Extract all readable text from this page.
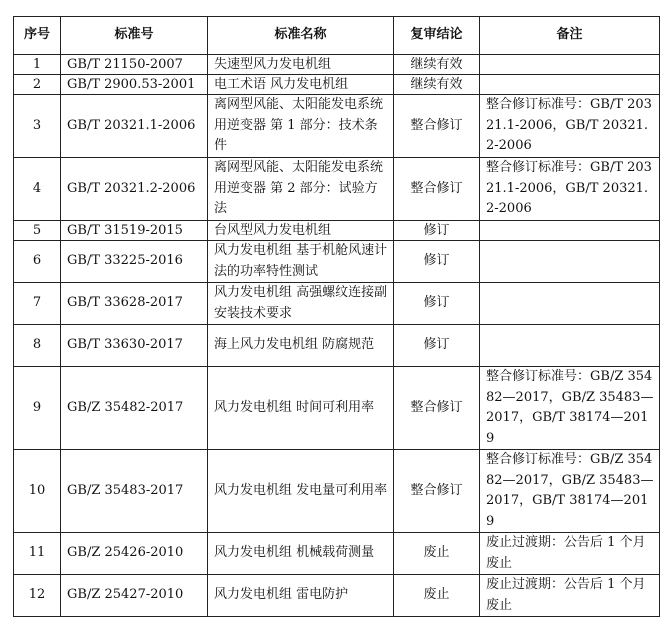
序号	标准号	标准名称	复审结论	备注
1	GB/T 21150-2007	失速型风力发电机组	继续有效	
2	GB/T 2900.53-2001	电工术语 风力发电机组	继续有效	
3	GB/T 20321.1-2006	离网型风能、太阳能发电系统用逆变器 第 1 部分：技术条件	整合修订	整合修订标准号：GB/T 20321.1-2006，GB/T 20321.2-2006
4	GB/T 20321.2-2006	离网型风能、太阳能发电系统用逆变器 第 2 部分：试验方法	整合修订	整合修订标准号：GB/T 20321.1-2006，GB/T 20321.2-2006
5	GB/T 31519-2015	台风型风力发电机组	修订	
6	GB/T 33225-2016	风力发电机组 基于机舱风速计法的功率特性测试	修订	
7	GB/T 33628-2017	风力发电机组 高强螺纹连接副安装技术要求	修订	
8	GB/T 33630-2017	海上风力发电机组 防腐规范	修订	
9	GB/Z 35482-2017	风力发电机组 时间可利用率	整合修订	整合修订标准号：GB/Z 35482—2017，GB/Z 35483—2017，GB/T 38174—2019
10	GB/Z 35483-2017	风力发电机组 发电量可利用率	整合修订	整合修订标准号：GB/Z 35482—2017，GB/Z 35483—2017，GB/T 38174—2019
11	GB/Z 25426-2010	风力发电机组 机械载荷测量	废止	废止过渡期：公告后 1 个月废止
12	GB/Z 25427-2010	风力发电机组 雷电防护	废止	废止过渡期：公告后 1 个月废止
